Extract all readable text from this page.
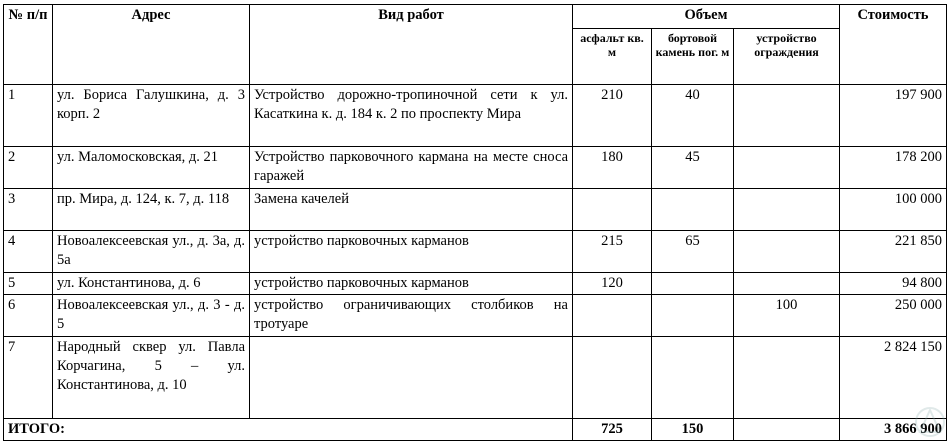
№ п/п	Адрес	Вид работ	Объем			Стоимость
			асфальт кв. м	бортовой камень пог. м	устройство ограждения	
1	ул. Бориса Галушкина, д. 3 корп. 2	Устройство дорожно-тропиночной сети к ул. Касаткина к. д. 184 к. 2 по проспекту Мира	210	40		197 900
2	ул. Маломосковская, д. 21	Устройство парковочного кармана на месте сноса гаражей	180	45		178 200
3	пр. Мира, д. 124, к. 7, д. 118	Замена качелей				100 000
4	Новоалексеевская ул., д. 3а, д. 5а	устройство парковочных карманов	215	65		221 850
5	ул. Константинова, д. 6	устройство парковочных карманов	120			94 800
6	Новоалексеевская ул., д. 3 - д. 5	устройство ограничивающих столбиков на тротуаре			100	250 000
7	Народный сквер ул. Павла Корчагина, 5 – ул. Константинова, д. 10					2 824 150
ИТОГО:			725	150		3 866 900
